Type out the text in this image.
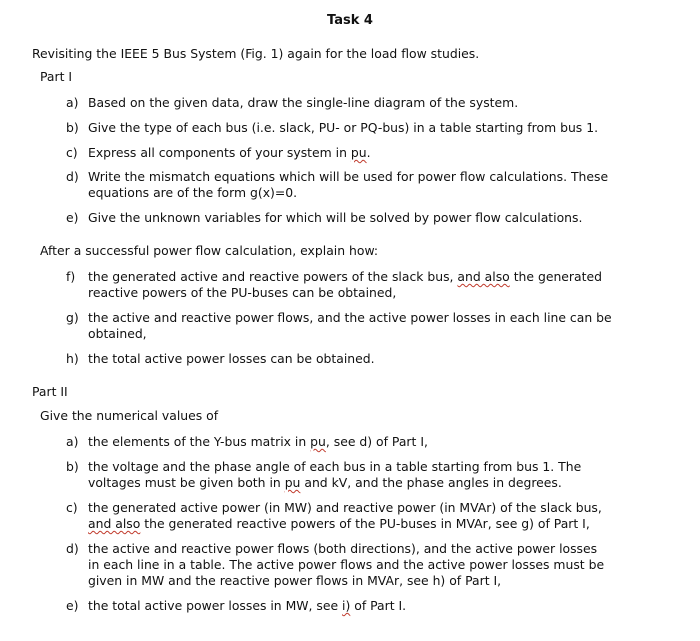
Task 4
Revisiting the IEEE 5 Bus System (Fig. 1) again for the load flow studies.
Part I
a) Based on the given data, draw the single-line diagram of the system.
b) Give the type of each bus (i.e. slack, PU- or PQ-bus) in a table starting from bus 1.
c) Express all components of your system in pu.
d) Write the mismatch equations which will be used for power flow calculations. These
equations are of the form g(x)=0.
e) Give the unknown variables for which will be solved by power flow calculations.
After a successful power flow calculation, explain how:
f) the generated active and reactive powers of the slack bus, and also the generated
reactive powers of the PU-buses can be obtained,
g) the active and reactive power flows, and the active power losses in each line can be
obtained,
h) the total active power losses can be obtained.
Part II
Give the numerical values of
a) the elements of the Y-bus matrix in pu, see d) of Part I,
b) the voltage and the phase angle of each bus in a table starting from bus 1. The
voltages must be given both in pu and kV, and the phase angles in degrees.
c) the generated active power (in MW) and reactive power (in MVAr) of the slack bus,
and also the generated reactive powers of the PU-buses in MVAr, see g) of Part I,
d) the active and reactive power flows (both directions), and the active power losses
in each line in a table. The active power flows and the active power losses must be
given in MW and the reactive power flows in MVAr, see h) of Part I,
e) the total active power losses in MW, see i) of Part I.
